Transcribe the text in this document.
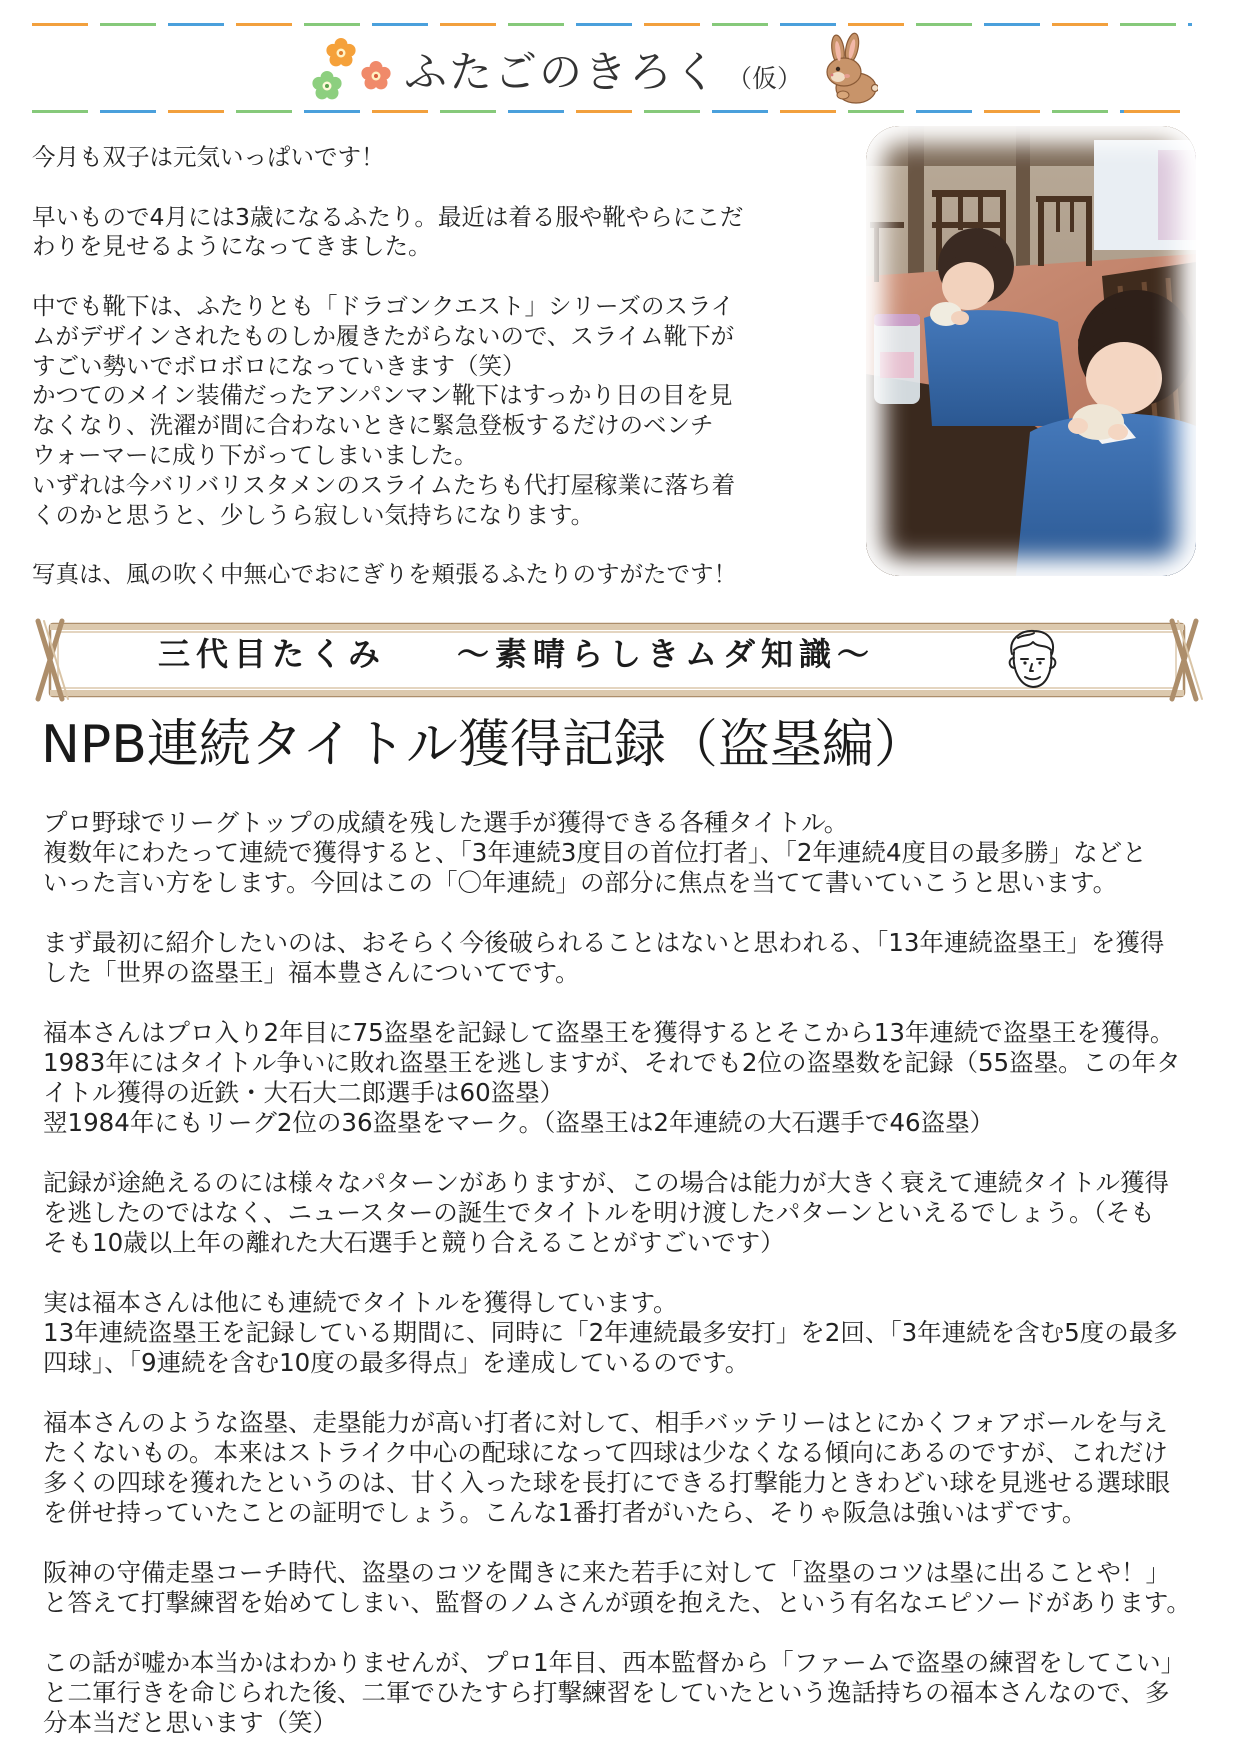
ふたごのきろく （仮）
今月も双子は元気いっぱいです！
早いもので4月には3歳になるふたり。最近は着る服や靴やらにこだ
わりを見せるようになってきました。
中でも靴下は、ふたりとも「ドラゴンクエスト」シリーズのスライ
ムがデザインされたものしか履きたがらないので、スライム靴下が
すごい勢いでボロボロになっていきます（笑）
かつてのメイン装備だったアンパンマン靴下はすっかり日の目を見
なくなり、洗濯が間に合わないときに緊急登板するだけのベンチ
ウォーマーに成り下がってしまいました。
いずれは今バリバリスタメンのスライムたちも代打屋稼業に落ち着
くのかと思うと、少しうら寂しい気持ちになります。
写真は、風の吹く中無心でおにぎりを頬張るふたりのすがたです！
三代目たくみ ～素晴らしきムダ知識～
NPB連続タイトル獲得記録（盗塁編）
プロ野球でリーグトップの成績を残した選手が獲得できる各種タイトル。
複数年にわたって連続で獲得すると、「3年連続3度目の首位打者」、「2年連続4度目の最多勝」などと
いった言い方をします。今回はこの「〇年連続」の部分に焦点を当てて書いていこうと思います。
まず最初に紹介したいのは、おそらく今後破られることはないと思われる、「13年連続盗塁王」を獲得
した「世界の盗塁王」福本豊さんについてです。
福本さんはプロ入り2年目に75盗塁を記録して盗塁王を獲得するとそこから13年連続で盗塁王を獲得。
1983年にはタイトル争いに敗れ盗塁王を逃しますが、それでも2位の盗塁数を記録（55盗塁。この年タ
イトル獲得の近鉄・大石大二郎選手は60盗塁）
翌1984年にもリーグ2位の36盗塁をマーク。（盗塁王は2年連続の大石選手で46盗塁）
記録が途絶えるのには様々なパターンがありますが、この場合は能力が大きく衰えて連続タイトル獲得
を逃したのではなく、ニュースターの誕生でタイトルを明け渡したパターンといえるでしょう。（そも
そも10歳以上年の離れた大石選手と競り合えることがすごいです）
実は福本さんは他にも連続でタイトルを獲得しています。
13年連続盗塁王を記録している期間に、同時に「2年連続最多安打」を2回、「3年連続を含む5度の最多
四球」、「9連続を含む10度の最多得点」を達成しているのです。
福本さんのような盗塁、走塁能力が高い打者に対して、相手バッテリーはとにかくフォアボールを与え
たくないもの。本来はストライク中心の配球になって四球は少なくなる傾向にあるのですが、これだけ
多くの四球を獲れたというのは、甘く入った球を長打にできる打撃能力ときわどい球を見逃せる選球眼
を併せ持っていたことの証明でしょう。こんな1番打者がいたら、そりゃ阪急は強いはずです。
阪神の守備走塁コーチ時代、盗塁のコツを聞きに来た若手に対して「盗塁のコツは塁に出ることや！」
と答えて打撃練習を始めてしまい、監督のノムさんが頭を抱えた、という有名なエピソードがあります。
この話が嘘か本当かはわかりませんが、プロ1年目、西本監督から「ファームで盗塁の練習をしてこい」
と二軍行きを命じられた後、二軍でひたすら打撃練習をしていたという逸話持ちの福本さんなので、多
分本当だと思います（笑）
